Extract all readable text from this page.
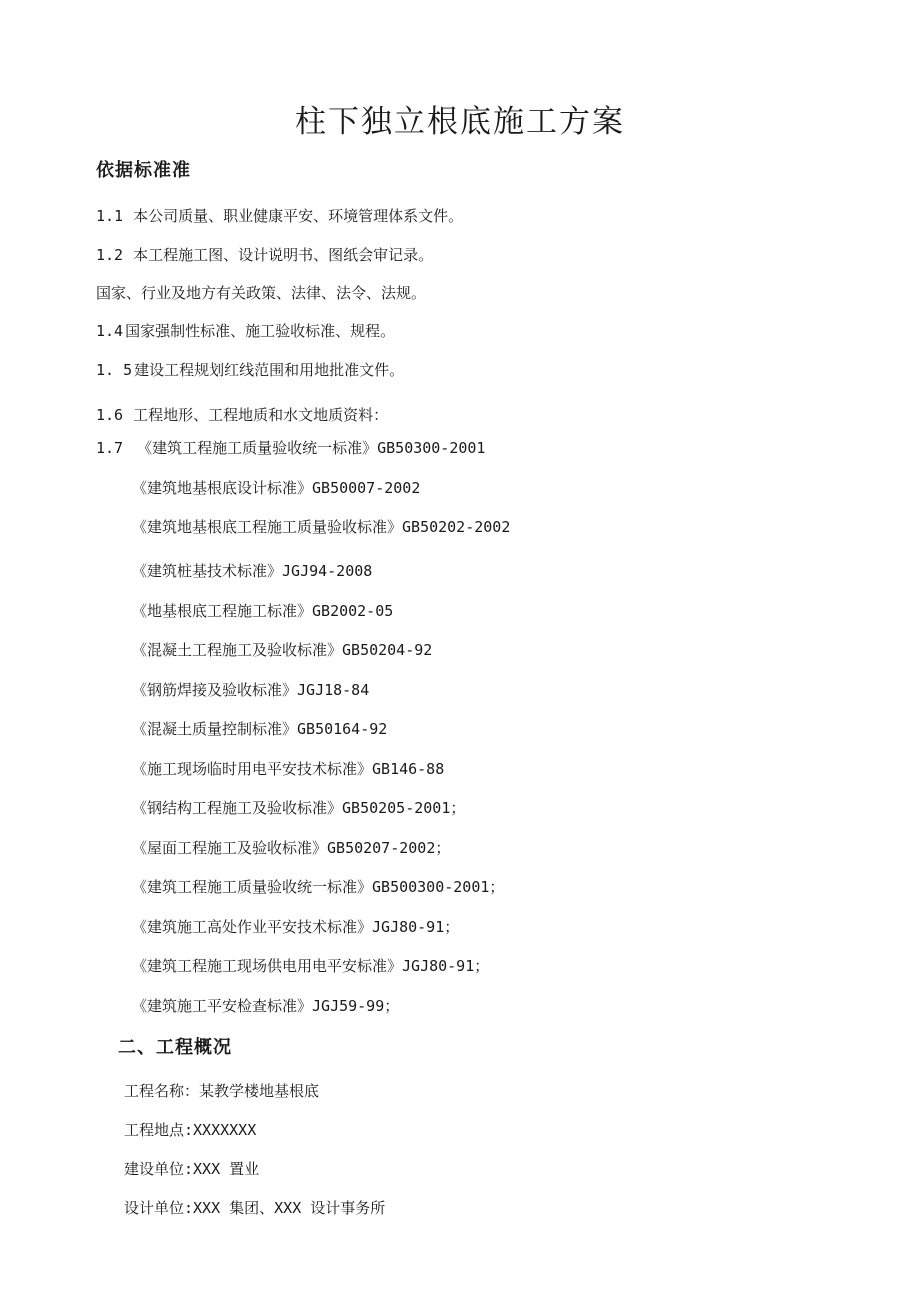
柱下独立根底施工方案
依据标准准
1.1 本公司质量、职业健康平安、环境管理体系文件。
1.2 本工程施工图、设计说明书、图纸会审记录。
国家、行业及地方有关政策、法律、法令、法规。
1.4 国家强制性标准、施工验收标准、规程。
1. 5 建设工程规划红线范围和用地批准文件。
1.6 工程地形、工程地质和水文地质资料：
1.7 《建筑工程施工质量验收统一标准》GB50300-2001
《建筑地基根底设计标准》GB50007-2002
《建筑地基根底工程施工质量验收标准》GB50202-2002
《建筑桩基技术标准》JGJ94-2008
《地基根底工程施工标准》GB2002-05
《混凝土工程施工及验收标准》GB50204-92
《钢筋焊接及验收标准》JGJ18-84
《混凝土质量控制标准》GB50164-92
《施工现场临时用电平安技术标准》GB146-88
《钢结构工程施工及验收标准》GB50205-2001；
《屋面工程施工及验收标准》GB50207-2002；
《建筑工程施工质量验收统一标准》GB500300-2001；
《建筑施工高处作业平安技术标准》JGJ80-91；
《建筑工程施工现场供电用电平安标准》JGJ80-91；
《建筑施工平安检查标准》JGJ59-99；
二、工程概况
工程名称：某教学楼地基根底
工程地点:XXXXXXX
建设单位:XXX 置业
设计单位:XXX 集团、XXX 设计事务所
